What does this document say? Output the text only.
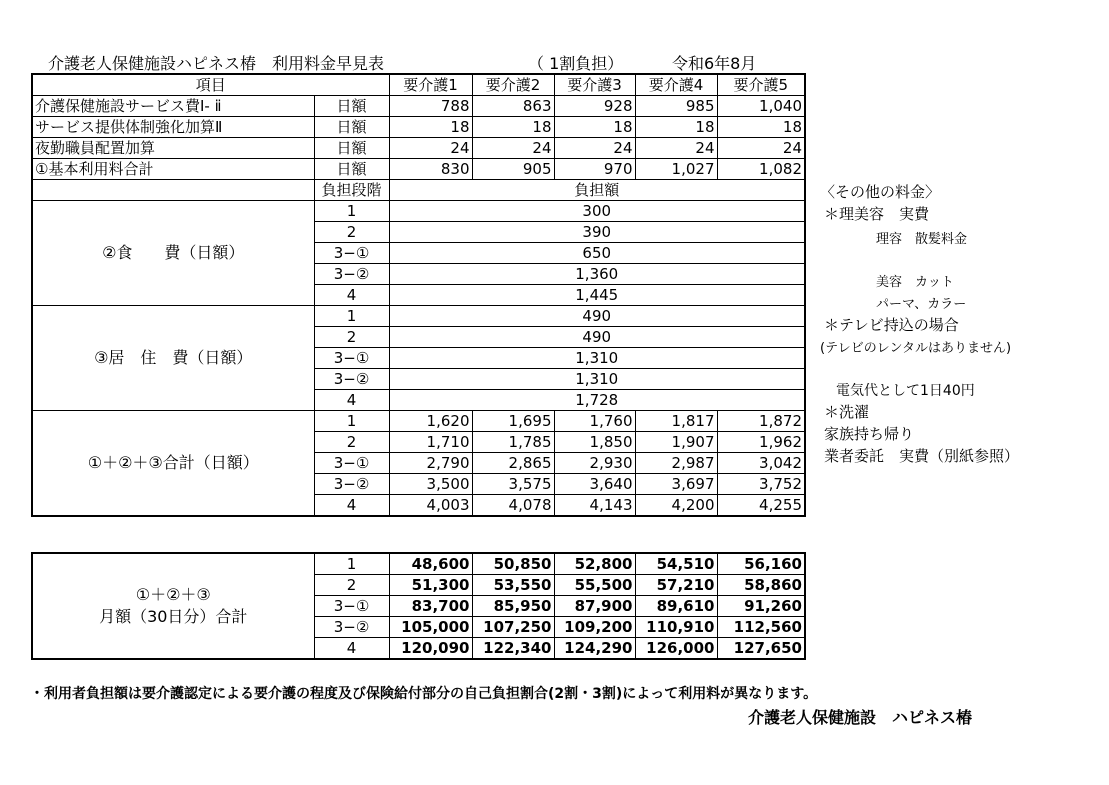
介護老人保健施設ハピネス椿　利用料金早見表	（ 1割負担）	令和6年8月
項目		要介護1	要介護2	要介護3	要介護4	要介護5
介護保健施設サービス費Ⅰ- ⅱ	日額	788	863	928	985	1,040
サービス提供体制強化加算Ⅱ	日額	18	18	18	18	18
夜勤職員配置加算	日額	24	24	24	24	24
①基本利用料合計	日額	830	905	970	1,027	1,082
	負担段階	負担額				
②食　　費（日額）	1	300				
	2	390				
	3−①	650				
	3−②	1,360				
	4	1,445				
③居　住　費（日額）	1	490				
	2	490				
	3−①	1,310				
	3−②	1,310				
	4	1,728				
①＋②＋③合計（日額）	1	1,620	1,695	1,760	1,817	1,872
	2	1,710	1,785	1,850	1,907	1,962
	3−①	2,790	2,865	2,930	2,987	3,042
	3−②	3,500	3,575	3,640	3,697	3,752
	4	4,003	4,078	4,143	4,200	4,255
①＋②＋③
月額（30日分）合計	1	48,600	50,850	52,800	54,510	56,160
	2	51,300	53,550	55,500	57,210	58,860
	3−①	83,700	85,950	87,900	89,610	91,260
	3−②	105,000	107,250	109,200	110,910	112,560
	4	120,090	122,340	124,290	126,000	127,650
〈その他の料金〉
＊理美容　実費
理容　散髪料金
美容　カット
パーマ、カラー
＊テレビ持込の場合
(テレビのレンタルはありません)
電気代として1日40円
＊洗濯
家族持ち帰り
業者委託　実費（別紙参照）
・利用者負担額は要介護認定による要介護の程度及び保険給付部分の自己負担割合(2割・3割)によって利用料が異なります。
介護老人保健施設　ハピネス椿
